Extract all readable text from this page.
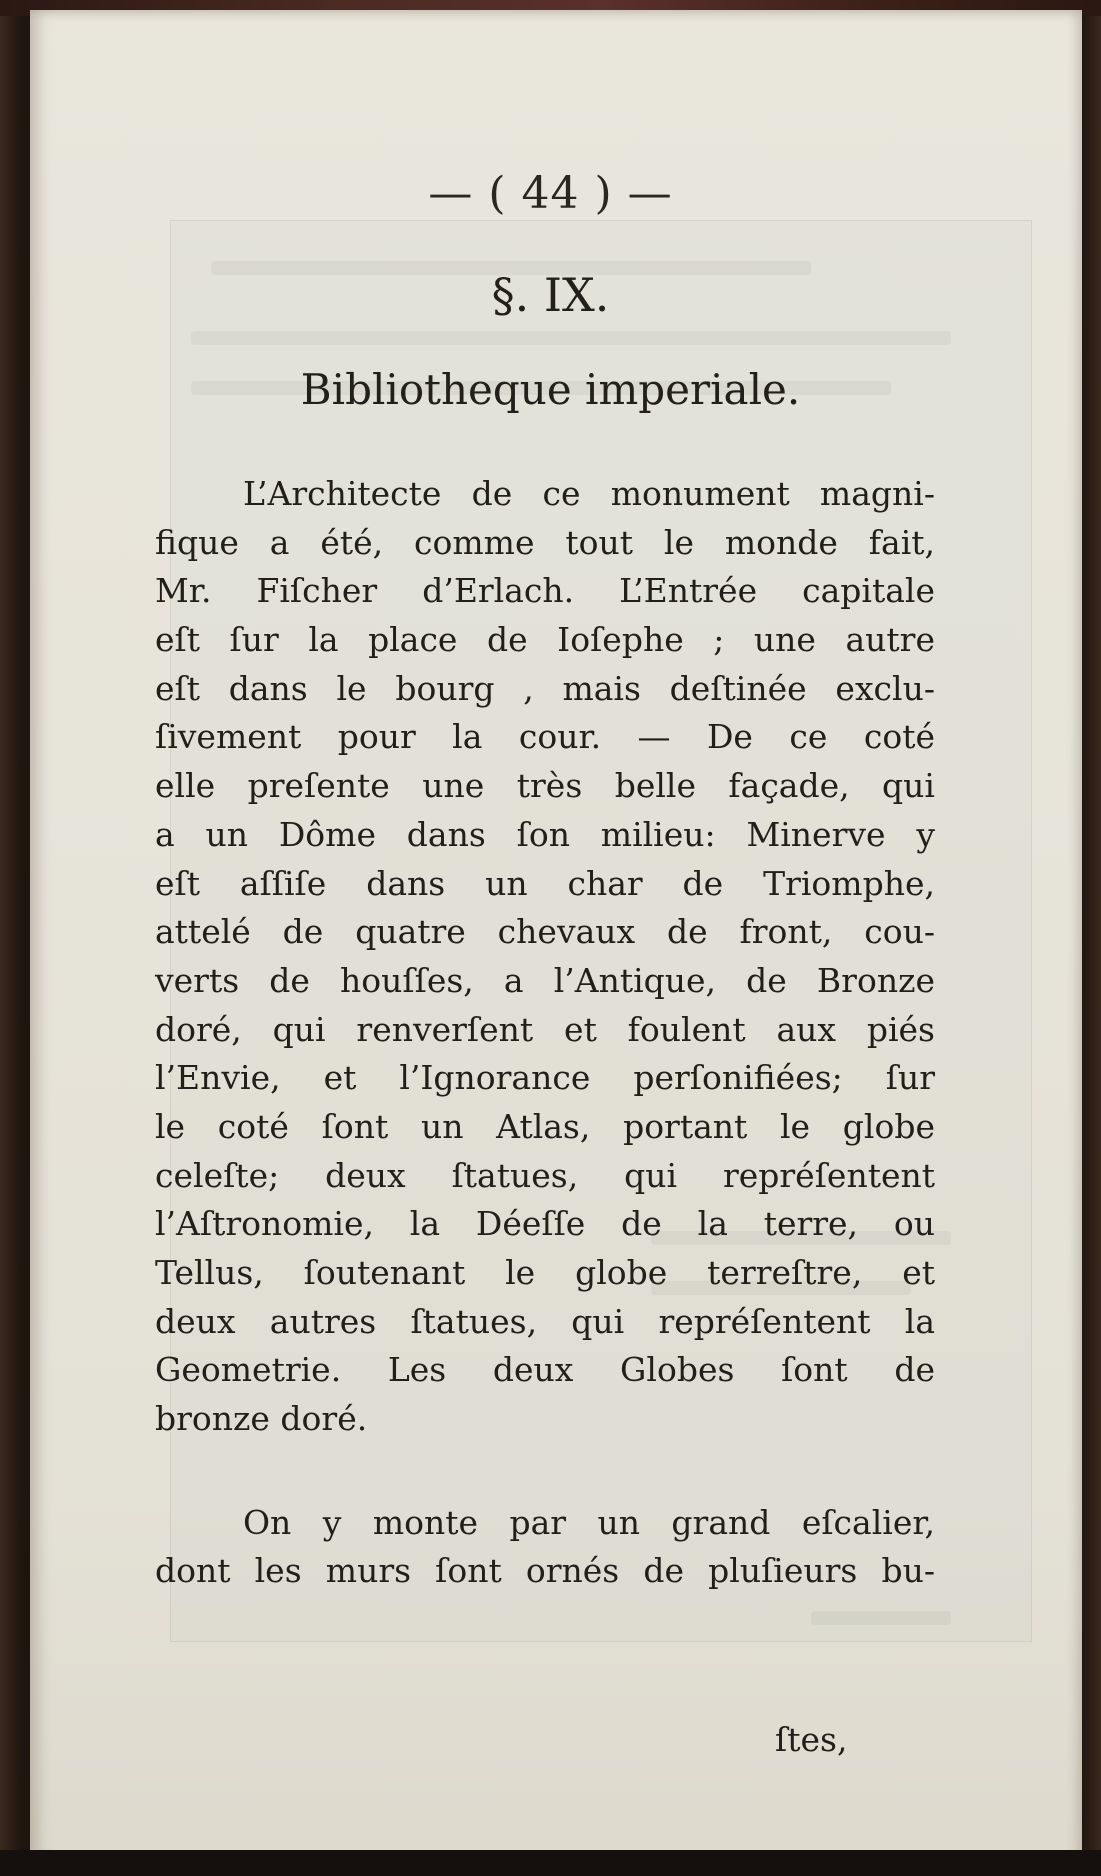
— ( 44 ) —
§. IX.
Bibliotheque imperiale.
L’Architecte de ce monument magni-
fique a été, comme tout le monde fait,
Mr. Fiſcher d’Erlach. L’Entrée capitale
eſt ſur la place de Ioſephe ; une autre
eſt dans le bourg , mais deſtinée exclu-
ſivement pour la cour. — De ce coté
elle preſente une très belle façade, qui
a un Dôme dans ſon milieu: Minerve y
eſt aſſiſe dans un char de Triomphe,
attelé de quatre chevaux de front, cou-
verts de houſſes, a l’Antique, de Bronze
doré, qui renverſent et foulent aux piés
l’Envie, et l’Ignorance perſonifiées; ſur
le coté ſont un Atlas, portant le globe
celeſte; deux ſtatues, qui repréſentent
l’Aſtronomie, la Déeſſe de la terre, ou
Tellus, ſoutenant le globe terreſtre, et
deux autres ſtatues, qui repréſentent la
Geometrie. Les deux Globes ſont de
bronze doré.
On y monte par un grand eſcalier,
dont les murs ſont ornés de pluſieurs bu-
ſtes,
